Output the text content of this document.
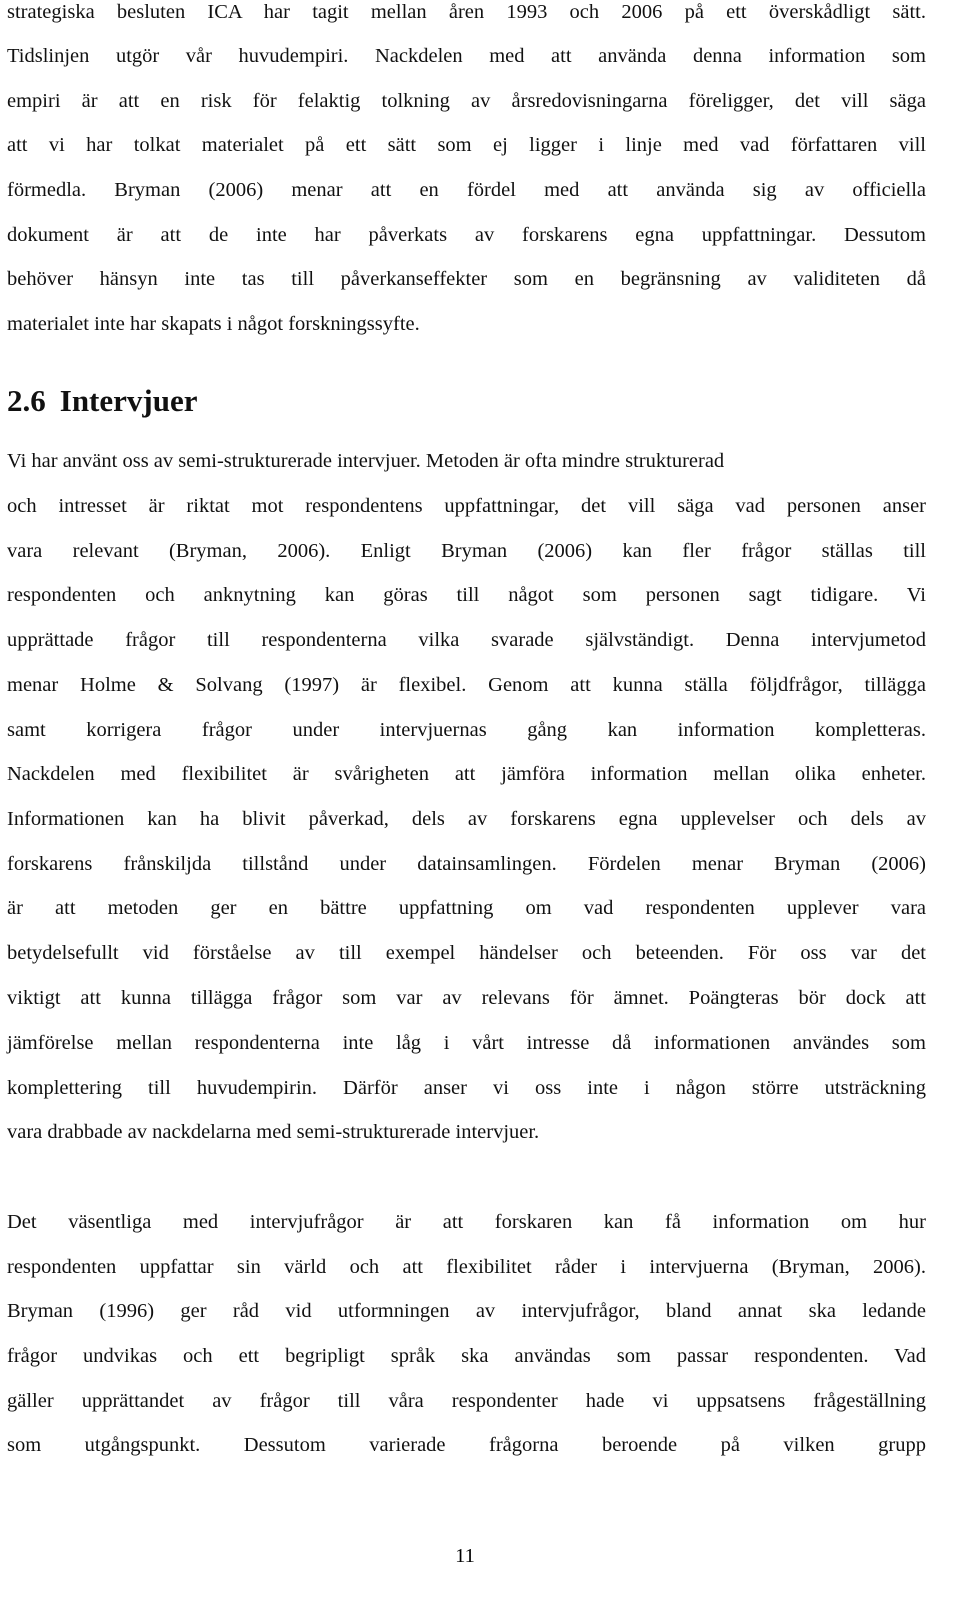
strategiska besluten ICA har tagit mellan åren 1993 och 2006 på ett överskådligt sätt.
Tidslinjen utgör vår huvudempiri. Nackdelen med att använda denna information som
empiri är att en risk för felaktig tolkning av årsredovisningarna föreligger, det vill säga
att vi har tolkat materialet på ett sätt som ej ligger i linje med vad författaren vill
förmedla. Bryman (2006) menar att en fördel med att använda sig av officiella
dokument är att de inte har påverkats av forskarens egna uppfattningar. Dessutom
behöver hänsyn inte tas till påverkanseffekter som en begränsning av validiteten då
materialet inte har skapats i något forskningssyfte.
2.6 Intervjuer
Vi har använt oss av semi-strukturerade intervjuer. Metoden är ofta mindre strukturerad
och intresset är riktat mot respondentens uppfattningar, det vill säga vad personen anser
vara relevant (Bryman, 2006). Enligt Bryman (2006) kan fler frågor ställas till
respondenten och anknytning kan göras till något som personen sagt tidigare. Vi
upprättade frågor till respondenterna vilka svarade självständigt. Denna intervjumetod
menar Holme & Solvang (1997) är flexibel. Genom att kunna ställa följdfrågor, tillägga
samt korrigera frågor under intervjuernas gång kan information kompletteras.
Nackdelen med flexibilitet är svårigheten att jämföra information mellan olika enheter.
Informationen kan ha blivit påverkad, dels av forskarens egna upplevelser och dels av
forskarens frånskiljda tillstånd under datainsamlingen. Fördelen menar Bryman (2006)
är att metoden ger en bättre uppfattning om vad respondenten upplever vara
betydelsefullt vid förståelse av till exempel händelser och beteenden. För oss var det
viktigt att kunna tillägga frågor som var av relevans för ämnet. Poängteras bör dock att
jämförelse mellan respondenterna inte låg i vårt intresse då informationen användes som
komplettering till huvudempirin. Därför anser vi oss inte i någon större utsträckning
vara drabbade av nackdelarna med semi-strukturerade intervjuer.
Det väsentliga med intervjufrågor är att forskaren kan få information om hur
respondenten uppfattar sin värld och att flexibilitet råder i intervjuerna (Bryman, 2006).
Bryman (1996) ger råd vid utformningen av intervjufrågor, bland annat ska ledande
frågor undvikas och ett begripligt språk ska användas som passar respondenten. Vad
gäller upprättandet av frågor till våra respondenter hade vi uppsatsens frågeställning
som utgångspunkt. Dessutom varierade frågorna beroende på vilken grupp
11
